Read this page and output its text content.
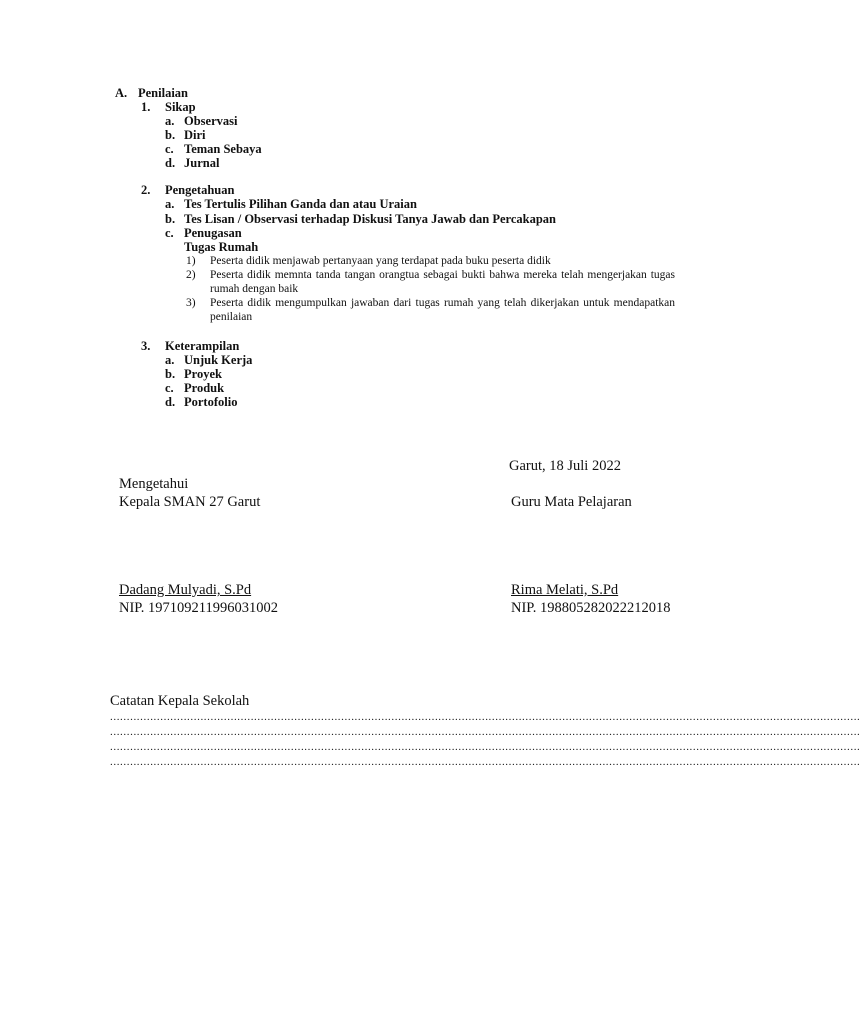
A. Penilaian
1. Sikap
a. Observasi
b. Diri
c. Teman Sebaya
d. Jurnal
2. Pengetahuan
a. Tes Tertulis Pilihan Ganda dan atau Uraian
b. Tes Lisan / Observasi terhadap Diskusi Tanya Jawab dan Percakapan
c. Penugasan
Tugas Rumah
1)	Peserta didik menjawab pertanyaan yang terdapat pada buku peserta didik
2)	Peserta didik memnta tanda tangan orangtua sebagai bukti bahwa mereka telah mengerjakan tugas rumah dengan baik
3)	Peserta didik mengumpulkan jawaban dari tugas rumah yang telah dikerjakan untuk mendapatkan penilaian
3. Keterampilan
a. Unjuk Kerja
b. Proyek
c. Produk
d. Portofolio
Garut, 18 Juli 2022
Mengetahui
Kepala SMAN 27 Garut	Guru Mata Pelajaran
Dadang Mulyadi, S.Pd	Rima Melati, S.Pd
NIP. 197109211996031002	NIP. 198805282022212018
Catatan Kepala Sekolah
................................................................................................................................................................................................................................
................................................................................................................................................................................................................................
................................................................................................................................................................................................................................
................................................................................................................................................................................................................................
